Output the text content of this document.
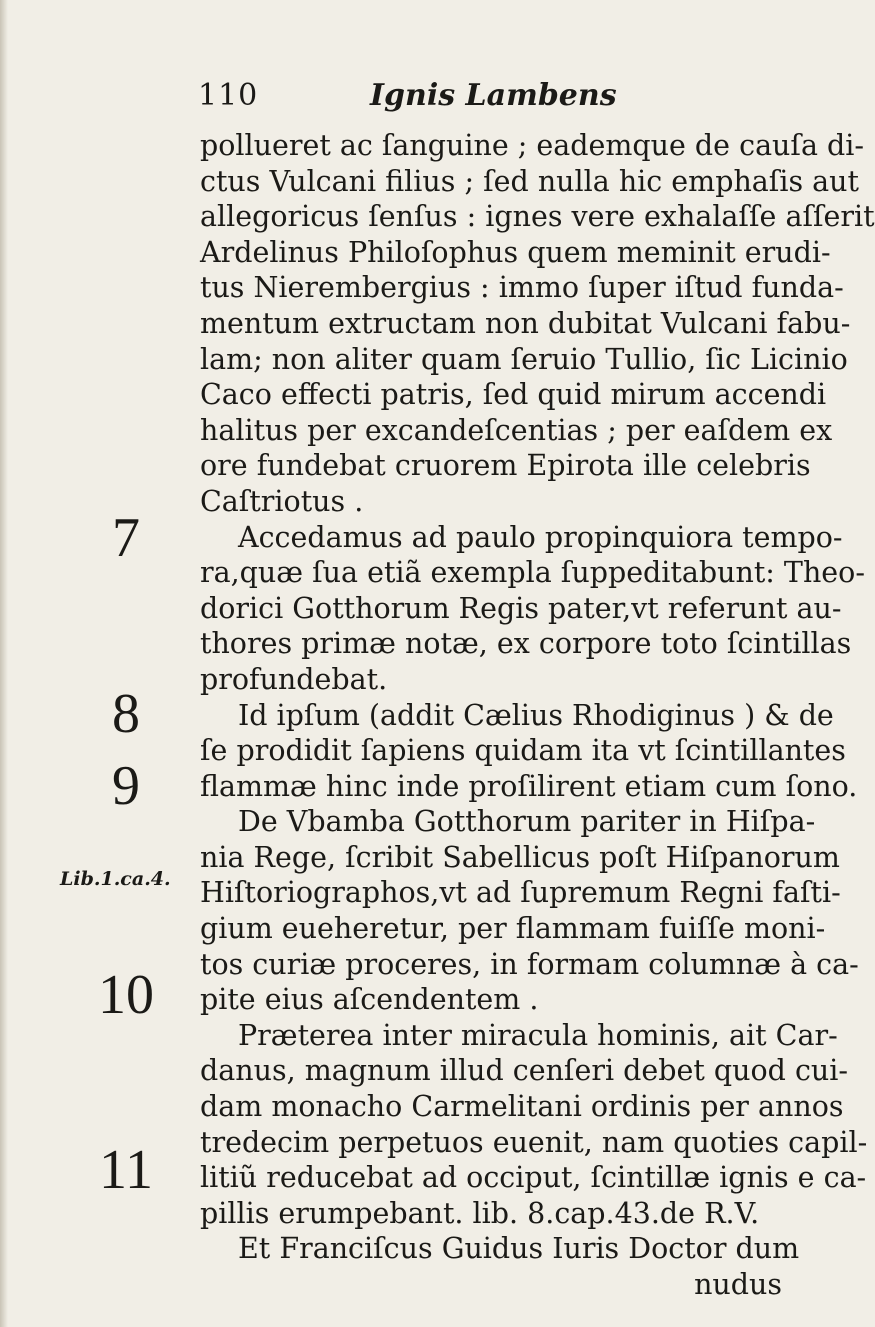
110	Ignis Lambens
7
8
9
Lib.1.ca.4.
10
11
pollueret ac ſanguine ; eademque de cauſa di-
ctus Vulcani filius ; ſed nulla hic emphaſis aut
allegoricus ſenſus : ignes vere exhalaſſe aſſerit
Ardelinus Philoſophus quem meminit erudi-
tus Nierembergius : immo ſuper iſtud funda-
mentum extructam non dubitat Vulcani fabu-
lam; non aliter quam ſeruio Tullio, ſic Licinio
Caco effecti patris, ſed quid mirum accendi
halitus per excandeſcentias ; per eaſdem ex
ore fundebat cruorem Epirota ille celebris
Caſtriotus .
Accedamus ad paulo propinquiora tempo-
ra,quæ ſua etiã exempla ſuppeditabunt: Theo-
dorici Gotthorum Regis pater,vt referunt au-
thores primæ notæ, ex corpore toto ſcintillas
profundebat.
Id ipſum (addit Cælius Rhodiginus ) & de
ſe prodidit ſapiens quidam ita vt ſcintillantes
flammæ hinc inde proſilirent etiam cum ſono.
De Vbamba Gotthorum pariter in Hiſpa-
nia Rege, ſcribit Sabellicus poſt Hiſpanorum
Hiſtoriographos,vt ad ſupremum Regni faſti-
gium eueheretur, per flammam fuiſſe moni-
tos curiæ proceres, in formam columnæ à ca-
pite eius aſcendentem .
Præterea inter miracula hominis, ait Car-
danus, magnum illud cenſeri debet quod cui-
dam monacho Carmelitani ordinis per annos
tredecim perpetuos euenit, nam quoties capil-
litiũ reducebat ad occiput, ſcintillæ ignis e ca-
pillis erumpebant. lib. 8.cap.43.de R.V.
Et Franciſcus Guidus Iuris Doctor dum
nudus
